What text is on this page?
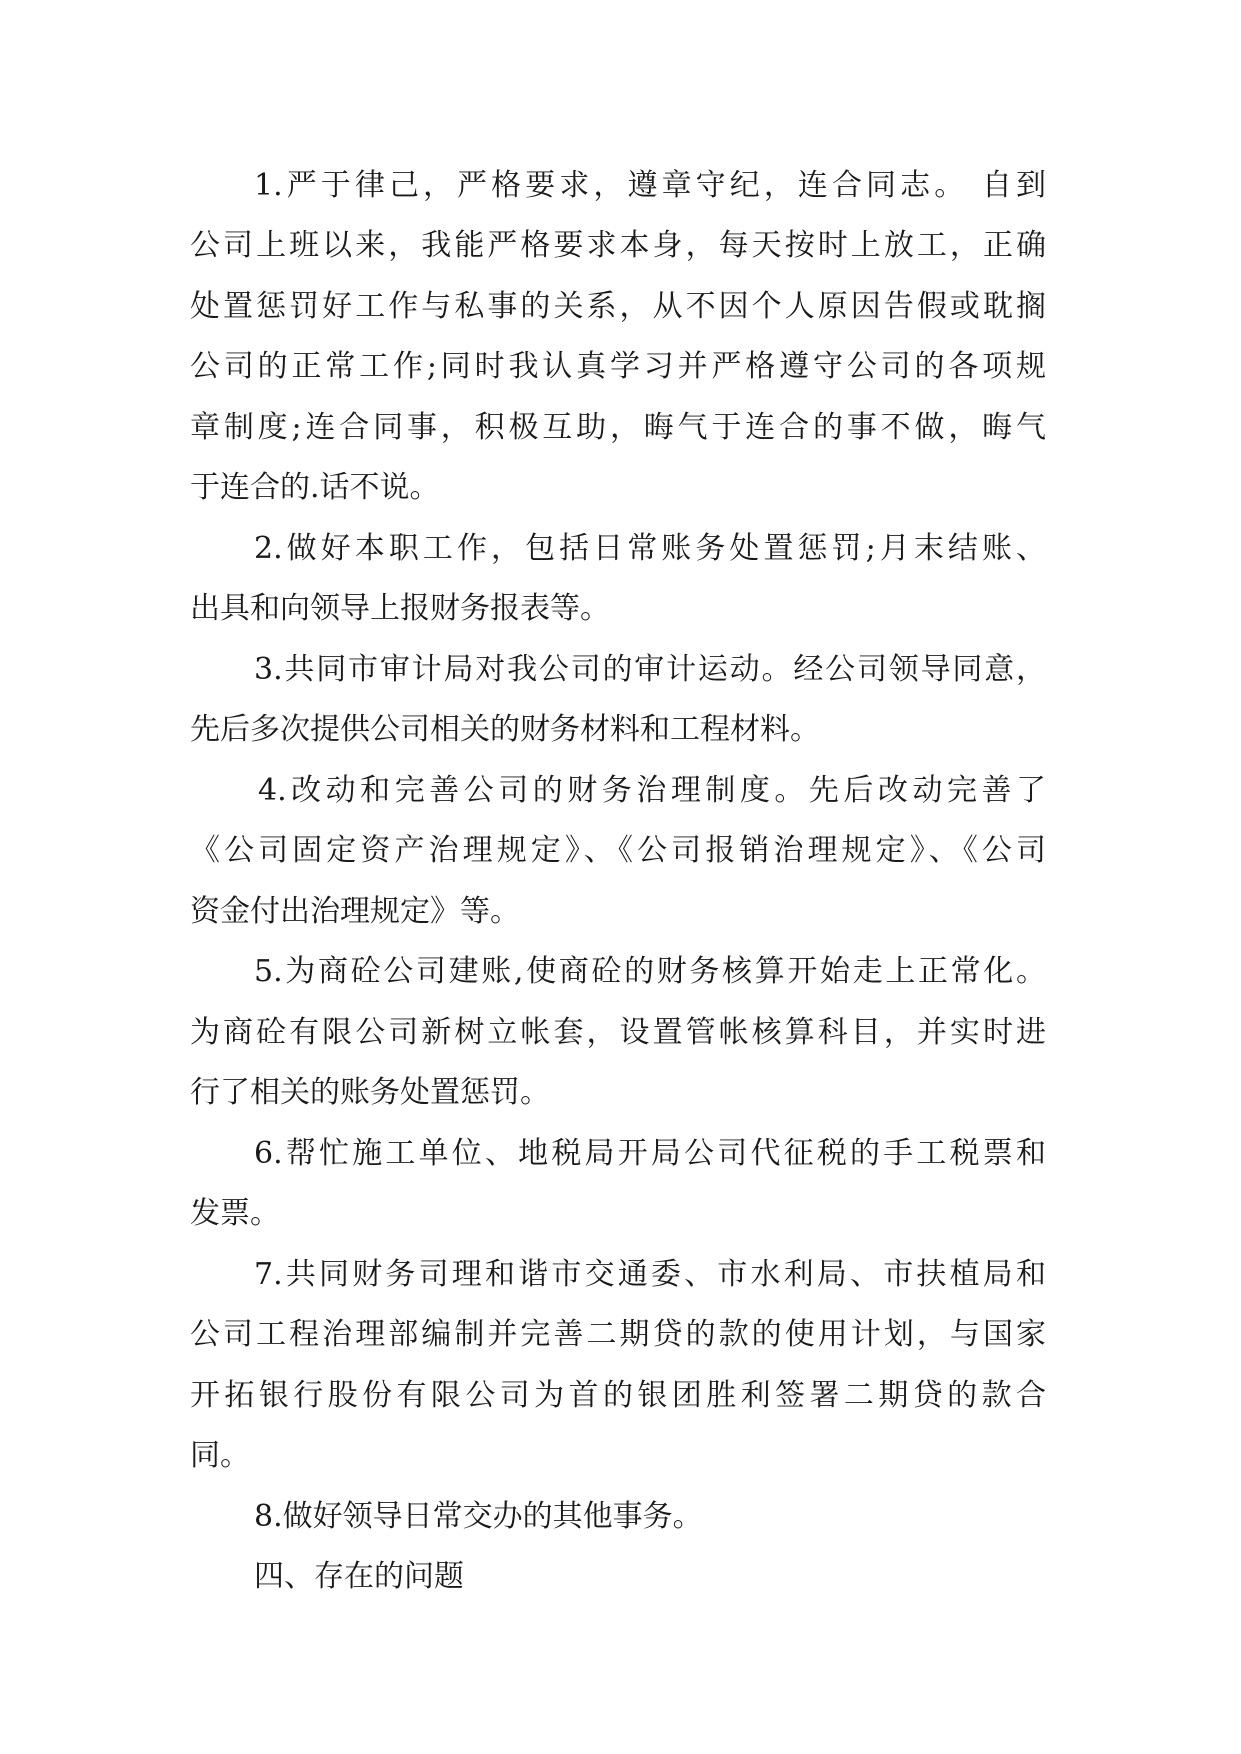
1.严于律己，严格要求，遵章守纪，连合同志。 自到
公司上班以来，我能严格要求本身，每天按时上放工，正确
处置惩罚好工作与私事的关系，从不因个人原因告假或耽搁
公司的正常工作;同时我认真学习并严格遵守公司的各项规
章制度;连合同事，积极互助，晦气于连合的事不做，晦气
于连合的.话不说。
2.做好本职工作，包括日常账务处置惩罚;月末结账、
出具和向领导上报财务报表等。
3.共同市审计局对我公司的审计运动。经公司领导同意，
先后多次提供公司相关的财务材料和工程材料。
4.改动和完善公司的财务治理制度。先后改动完善了
《公司固定资产治理规定》、《公司报销治理规定》、《公司
资金付出治理规定》等。
5.为商砼公司建账,使商砼的财务核算开始走上正常化。
为商砼有限公司新树立帐套，设置管帐核算科目，并实时进
行了相关的账务处置惩罚。
6.帮忙施工单位、地税局开局公司代征税的手工税票和
发票。
7.共同财务司理和谐市交通委、市水利局、市扶植局和
公司工程治理部编制并完善二期贷的款的使用计划，与国家
开拓银行股份有限公司为首的银团胜利签署二期贷的款合
同。
8.做好领导日常交办的其他事务。
四、存在的问题
